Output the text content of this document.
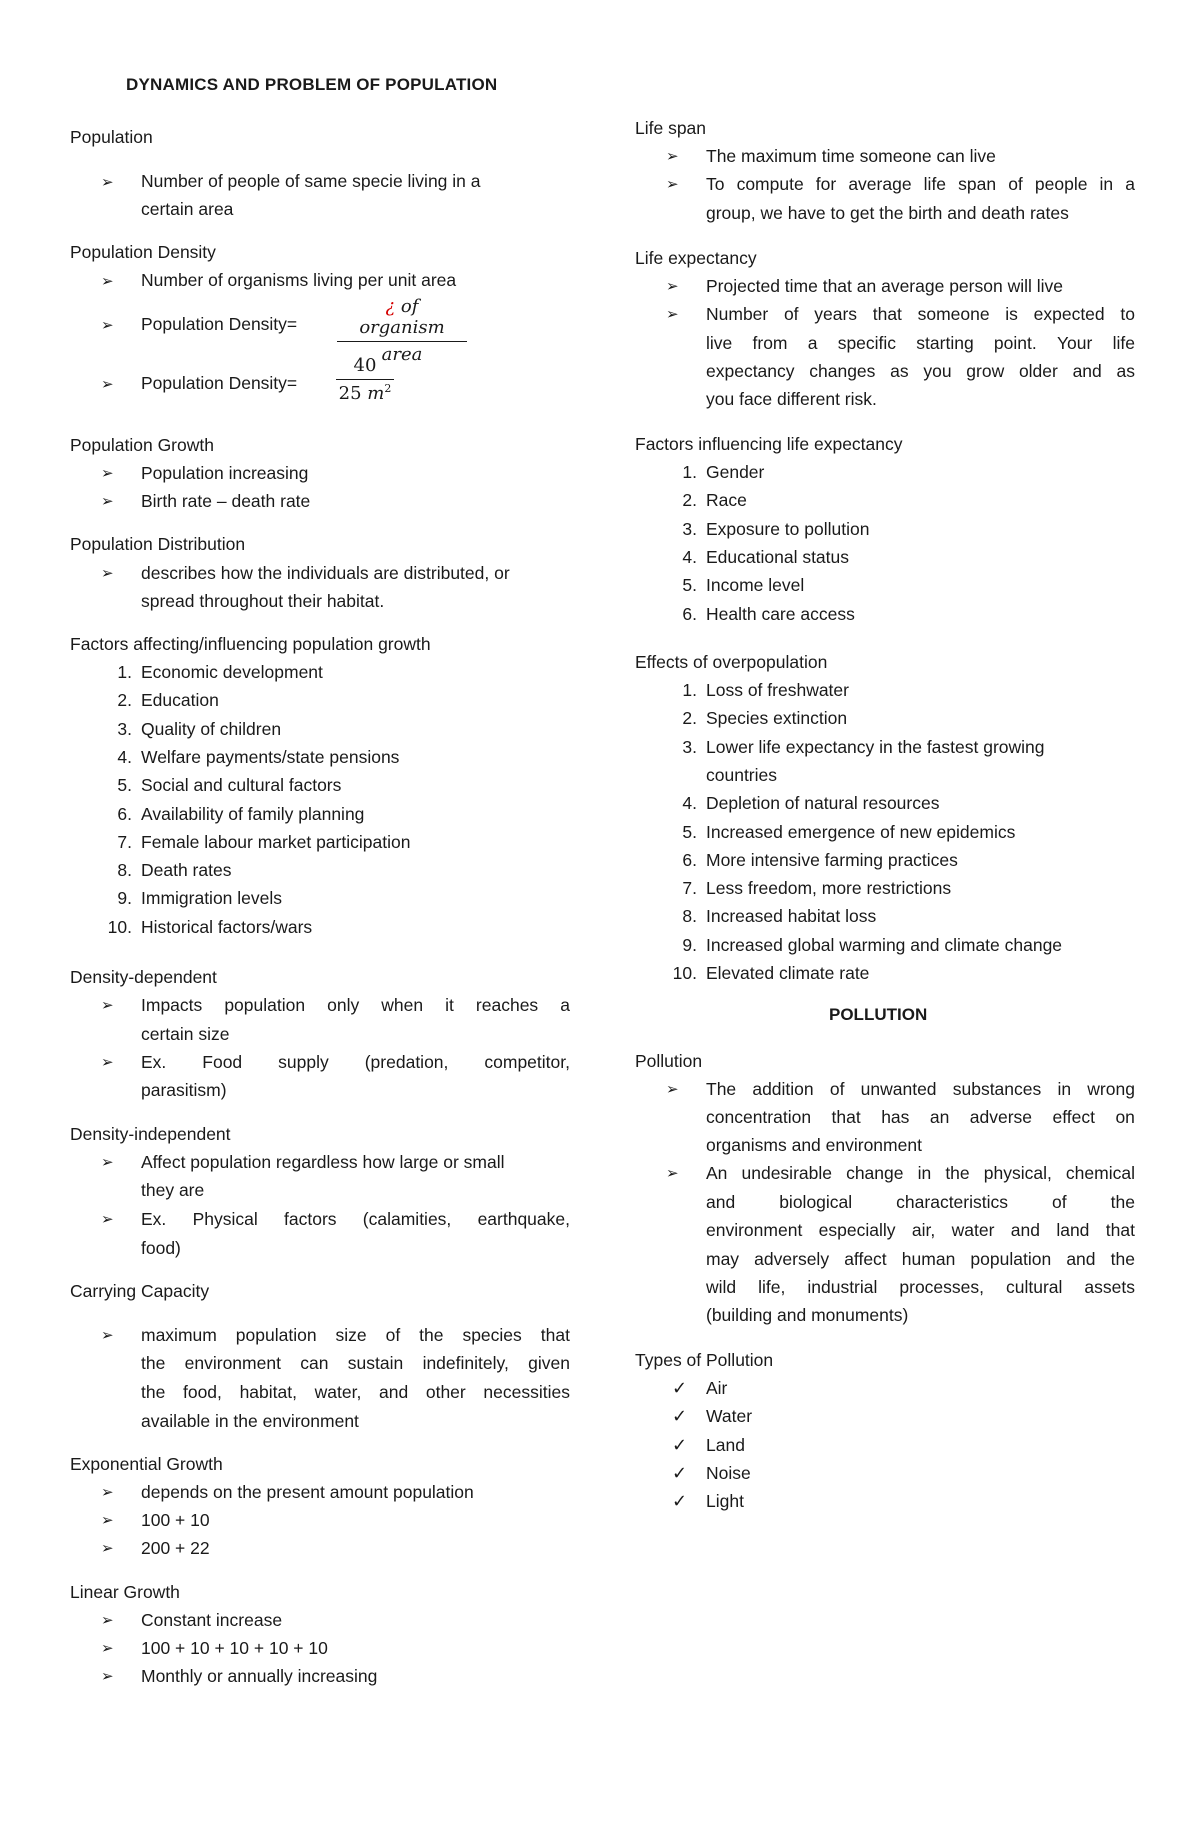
DYNAMICS AND PROBLEM OF POPULATION
Population
➢	Number of people of same specie living in a
certain area
Population Density
➢	Number of organisms living per unit area
➢	Population Density=
¿ of organism
area
➢	Population Density=
40
25 $m^2$
Population Growth
➢	Population increasing
➢	Birth rate – death rate
Population Distribution
➢	describes how the individuals are distributed, or
spread throughout their habitat.
Factors affecting/influencing population growth
1. Economic development
2. Education
3. Quality of children
4. Welfare payments/state pensions
5. Social and cultural factors
6. Availability of family planning
7. Female labour market participation
8. Death rates
9. Immigration levels
10. Historical factors/wars
Density-dependent
➢	Impacts population only when it reaches a
certain size
➢	Ex. Food supply (predation, competitor,
parasitism)
Density-independent
➢	Affect population regardless how large or small
they are
➢	Ex. Physical factors (calamities, earthquake,
food)
Carrying Capacity
➢	maximum population size of the species that
the environment can sustain indefinitely, given
the food, habitat, water, and other necessities
available in the environment
Exponential Growth
➢	depends on the present amount population
➢	100 + 10
➢	200 + 22
Linear Growth
➢	Constant increase
➢	100 + 10 + 10 + 10 + 10
➢	Monthly or annually increasing
Life span
➢	The maximum time someone can live
➢	To compute for average life span of people in a
group, we have to get the birth and death rates
Life expectancy
➢	Projected time that an average person will live
➢	Number of years that someone is expected to
live from a specific starting point. Your life
expectancy changes as you grow older and as
you face different risk.
Factors influencing life expectancy
1. Gender
2. Race
3. Exposure to pollution
4. Educational status
5. Income level
6. Health care access
Effects of overpopulation
1. Loss of freshwater
2. Species extinction
3. Lower life expectancy in the fastest growing
countries
4. Depletion of natural resources
5. Increased emergence of new epidemics
6. More intensive farming practices
7. Less freedom, more restrictions
8. Increased habitat loss
9. Increased global warming and climate change
10. Elevated climate rate
POLLUTION
Pollution
➢	The addition of unwanted substances in wrong
concentration that has an adverse effect on
organisms and environment
➢	An undesirable change in the physical, chemical
and	biological	characteristics	of	the
environment especially air, water and land that
may adversely affect human population and the
wild life, industrial processes, cultural assets
(building and monuments)
Types of Pollution
✓ Air
✓ Water
✓ Land
✓ Noise
✓ Light
